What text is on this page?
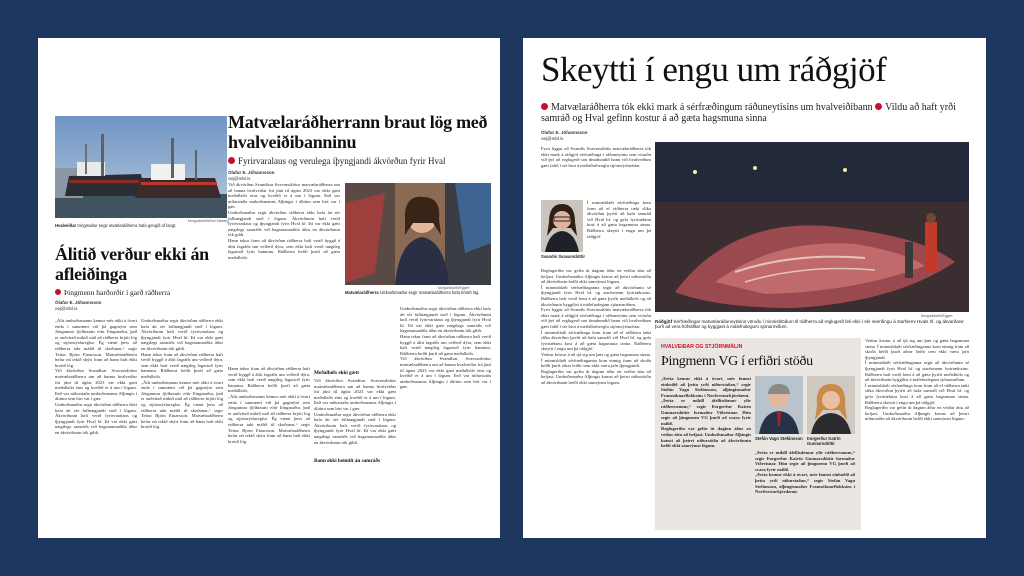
Morgunblaðið/Árni Sæberg
Hvalveiðar Þingmaður segir atvælaráðherra hafa gengið of langt.
Matvælaráðherrann braut lög með hvalveiðibanninu
Fyrirvaralaus og verulega íþyngjandi ákvörðun fyrir Hval
Ólafur E. Jóhannsson
oej@mbl.is
Morgunblaðið/Eggert
Matvælaráðherra Umboðsmaður segir matvælaráðherra hafa brotið lög.
Við ákvörðun Svandísar Svavarsdóttur matvælaráðherra um að banna hvalveiðar frá júní til ágúst 2023 var ekki gætt meðalhófs eins og kveðið er á um í lögum. Það var niðurstaða umboðsmanns Alþingis í álitinu sem birt var í gær.
Umboðsmaður segir ákvörðun ráðherra ekki hafa átt sér fullnægjandi stoð í lögum. Ákvörðunin hafi verið fyrirvaralaus og íþyngjandi fyrir Hval hf. Þá var ekki gætt nægilegs samráðs við hagsmunaaðila áður en ákvörðunin tók gildi.
Hann tekur fram að ákvörðun ráðherra hafi verið byggð á áliti fagráðs um velferð dýra, sem ekki hafi verið nægileg lagastoð fyrir banninu. Ráðherra hefði þurft að gæta meðalhófs.
Álitið verður ekki án afleiðinga
Þingmenn harðorðir í garð ráðherra
Ólafur E. Jóhannsson
oej@mbl.is
„Álit umboðsmanns kemur mér ekki á óvart enda í samræmi við þá gagnrýni sem Jóngunnar fjölbrautir eftir Þingmaður, það er auðvitað mikið mál að ráðherra brjóti lög og stjórnsýslureglur. Ég vænti þess að ráðherra taki málið til skoðunar,“ segir Teitur Björn Einarsson. Matvælaráðherra hefur nú tekið skýrt fram að hann hafi ekki brotið lög.
Við ákvörðun Svandísar Svavarsdóttur matvælaráðherra um að banna hvalveiðar frá júní til ágúst 2023 var ekki gætt meðalhófs eins og kveðið er á um í lögum. Það var niðurstaða umboðsmanns Alþingis í álitinu sem birt var í gær.
Umboðsmaður segir ákvörðun ráðherra ekki hafa átt sér fullnægjandi stoð í lögum. Ákvörðunin hafi verið fyrirvaralaus og íþyngjandi fyrir Hval hf. Þá var ekki gætt nægilegs samráðs við hagsmunaaðila áður en ákvörðunin tók gildi.
Umboðsmaður segir ákvörðun ráðherra ekki hafa átt sér fullnægjandi stoð í lögum. Ákvörðunin hafi verið fyrirvaralaus og íþyngjandi fyrir Hval hf. Þá var ekki gætt nægilegs samráðs við hagsmunaaðila áður en ákvörðunin tók gildi.
Hann tekur fram að ákvörðun ráðherra hafi verið byggð á áliti fagráðs um velferð dýra, sem ekki hafi verið nægileg lagastoð fyrir banninu. Ráðherra hefði þurft að gæta meðalhófs.
„Álit umboðsmanns kemur mér ekki á óvart enda í samræmi við þá gagnrýni sem Jóngunnar fjölbrautir eftir Þingmaður, það er auðvitað mikið mál að ráðherra brjóti lög og stjórnsýslureglur. Ég vænti þess að ráðherra taki málið til skoðunar,“ segir Teitur Björn Einarsson. Matvælaráðherra hefur nú tekið skýrt fram að hann hafi ekki brotið lög.
Hann tekur fram að ákvörðun ráðherra hafi verið byggð á áliti fagráðs um velferð dýra, sem ekki hafi verið nægileg lagastoð fyrir banninu. Ráðherra hefði þurft að gæta meðalhófs.
„Álit umboðsmanns kemur mér ekki á óvart enda í samræmi við þá gagnrýni sem Jóngunnar fjölbrautir eftir Þingmaður, það er auðvitað mikið mál að ráðherra brjóti lög og stjórnsýslureglur. Ég vænti þess að ráðherra taki málið til skoðunar,“ segir Teitur Björn Einarsson. Matvælaráðherra hefur nú tekið skýrt fram að hann hafi ekki brotið lög.
Meðalhófs ekki gætt
Við ákvörðun Svandísar Svavarsdóttur matvælaráðherra um að banna hvalveiðar frá júní til ágúst 2023 var ekki gætt meðalhófs eins og kveðið er á um í lögum. Það var niðurstaða umboðsmanns Alþingis í álitinu sem birt var í gær.
Umboðsmaður segir ákvörðun ráðherra ekki hafa átt sér fullnægjandi stoð í lögum. Ákvörðunin hafi verið fyrirvaralaus og íþyngjandi fyrir Hval hf. Þá var ekki gætt nægilegs samráðs við hagsmunaaðila áður en ákvörðunin tók gildi.
Bann ekki heimilt án samráðs
Umboðsmaður segir ákvörðun ráðherra ekki hafa átt sér fullnægjandi stoð í lögum. Ákvörðunin hafi verið fyrirvaralaus og íþyngjandi fyrir Hval hf. Þá var ekki gætt nægilegs samráðs við hagsmunaaðila áður en ákvörðunin tók gildi.
Hann tekur fram að ákvörðun ráðherra hafi verið byggð á áliti fagráðs um velferð dýra, sem ekki hafi verið nægileg lagastoð fyrir banninu. Ráðherra hefði þurft að gæta meðalhófs.
Við ákvörðun Svandísar Svavarsdóttur matvælaráðherra um að banna hvalveiðar frá júní til ágúst 2023 var ekki gætt meðalhófs eins og kveðið er á um í lögum. Það var niðurstaða umboðsmanns Alþingis í álitinu sem birt var í gær.
Skeytti í engu um ráðgjöf
Matvælaráðherra tók ekki mark á sérfræðingum ráðuneytisins um hvalveiðibann Vildu að haft yrði samráð og Hval gefinn kostur á að gæta hagsmuna sinna
Ólafur E. Jóhannsson
oej@mbl.is
Fyrir liggur að Svandís Svavarsdóttir matvælaráðherra tók ekki mark á ráðgjöf sérfræðinga í ráðuneytinu sem vöruðu við því að reglugerð um tímabundið bann við hvalveiðum gæti falið í sér brot á meðalhófsreglu stjórnsýsluréttar.
Svandís Svavarsdóttir
Í minnisblaði sérfræðinga kom fram að ef ráðherra tæki slíka ákvörðun þyrfti að hafa samráð við Hval hf. og gefa fyrirtækinu kost á að gæta hagsmuna sinna. Ráðherra skeytti í engu um þá ráðgjöf.
Morgunblaðið/Eggert
Ráðgjöf Sérfræðingar matvælaráðuneytisins vöruðu í minnisblöðum til ráðherra að reglugerð feli ekki í sér skerðingu á starfsemi Hvals hf. og ákvarðanir þurfi að vera hófstilltar og byggjast á málefnalegum sjónarmiðum.
Reglugerðin var gefin út daginn áður en veiðar áttu að hefjast. Umboðsmaður Alþingis komst að þeirri niðurstöðu að ákvörðunin hefði ekki samrýmst lögum.
Í minnisblaði sérfræðinganna segir að ákvörðunin sé íþyngjandi fyrir Hval hf. og starfsmenn fyrirtækisins. Ráðherra hafi verið bent á að gæta þyrfti meðalhófs og að ákvörðunin byggðist á málefnalegum sjónarmiðum.
Fyrir liggur að Svandís Svavarsdóttir matvælaráðherra tók ekki mark á ráðgjöf sérfræðinga í ráðuneytinu sem vöruðu við því að reglugerð um tímabundið bann við hvalveiðum gæti falið í sér brot á meðalhófsreglu stjórnsýsluréttar.
Í minnisblaði sérfræðinga kom fram að ef ráðherra tæki slíka ákvörðun þyrfti að hafa samráð við Hval hf. og gefa fyrirtækinu kost á að gæta hagsmuna sinna. Ráðherra skeytti í engu um þá ráðgjöf.
Veittur kostur á að tjá sig um þær og gæta hagsmuna sinna. Í minnisblaði sérfræðinganna kom einnig fram að skoða hefði þurft aðrar leiðir sem ekki væru jafn íþyngjandi.
Reglugerðin var gefin út daginn áður en veiðar áttu að hefjast. Umboðsmaður Alþingis komst að þeirri niðurstöðu að ákvörðunin hefði ekki samrýmst lögum.
HVALVEIÐAR OG STJÓRNMÁLIN
Þingmenn VG í erfiðri stöðu
„Þetta kemur ekki á óvart, mér fannst einboðið að þetta yrði niðurstaðan,“ segir Stefán Vagn Stefánsson, alþingismaður Framsóknarflokksins í Norðvesturkjördæmi.
„Þetta er mikill áfellisdómur yfir ráðherranum,“ segir Þorgerður Katrín Gunnarsdóttir formaður Viðreisnar. Hún segir að þingmenn VG þurfi að svara fyrir málið.
Reglugerðin var gefin út daginn áður en veiðar áttu að hefjast. Umboðsmaður Alþingis komst að þeirri niðurstöðu að ákvörðunin hefði ekki samrýmst lögum.
Stefán Vagn Stefánsson Þorgerður Katrín Gunnarsdóttir
„Þetta er mikill áfellisdómur yfir ráðherranum,“ segir Þorgerður Katrín Gunnarsdóttir formaður Viðreisnar. Hún segir að þingmenn VG þurfi að svara fyrir málið.
„Þetta kemur ekki á óvart, mér fannst einboðið að þetta yrði niðurstaðan,“ segir Stefán Vagn Stefánsson, alþingismaður Framsóknarflokksins í Norðvesturkjördæmi.
Veittur kostur á að tjá sig um þær og gæta hagsmuna sinna. Í minnisblaði sérfræðinganna kom einnig fram að skoða hefði þurft aðrar leiðir sem ekki væru jafn íþyngjandi.
Í minnisblaði sérfræðinganna segir að ákvörðunin sé íþyngjandi fyrir Hval hf. og starfsmenn fyrirtækisins. Ráðherra hafi verið bent á að gæta þyrfti meðalhófs og að ákvörðunin byggðist á málefnalegum sjónarmiðum.
Í minnisblaði sérfræðinga kom fram að ef ráðherra tæki slíka ákvörðun þyrfti að hafa samráð við Hval hf. og gefa fyrirtækinu kost á að gæta hagsmuna sinna. Ráðherra skeytti í engu um þá ráðgjöf.
Reglugerðin var gefin út daginn áður en veiðar áttu að hefjast. Umboðsmaður Alþingis komst að þeirri niðurstöðu að ákvörðunin hefði ekki samrýmst lögum.
